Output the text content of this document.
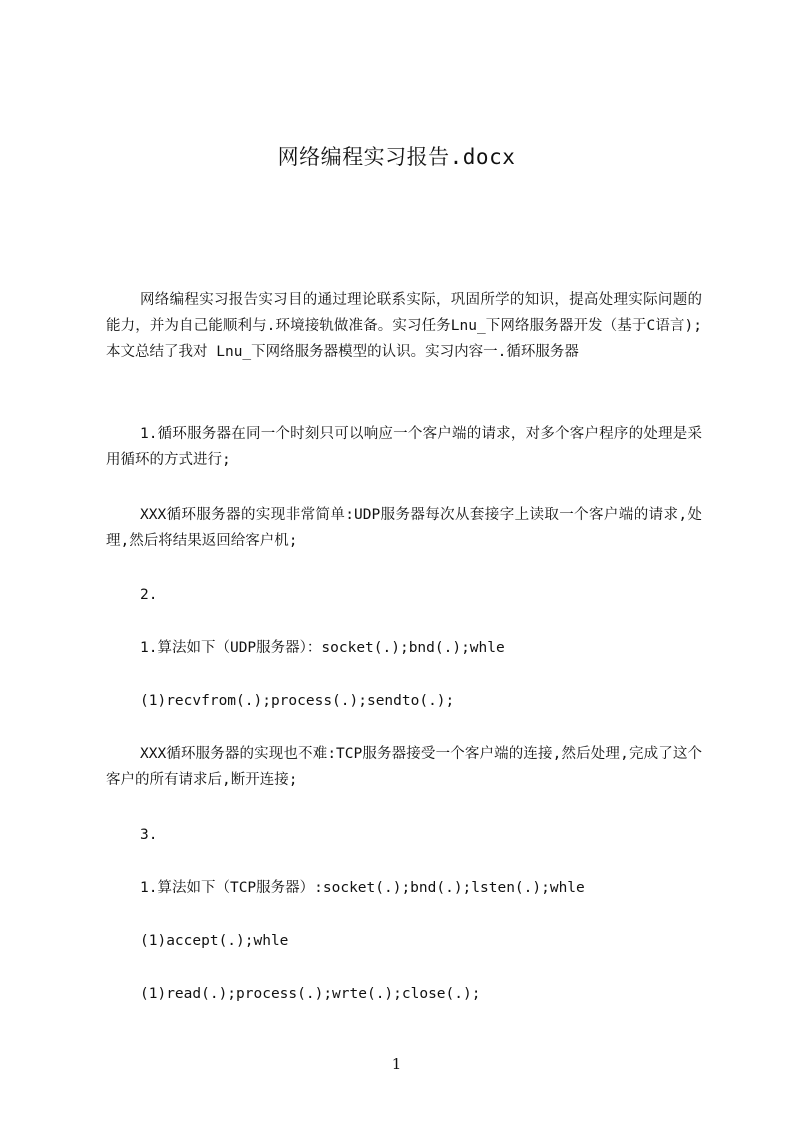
网络编程实习报告.docx

网络编程实习报告实习目的通过理论联系实际，巩固所学的知识，提高处理实际问题的能力，并为自己能顺利与.环境接轨做准备。实习任务Lnu_下网络服务器开发（基于C语言);本文总结了我对 Lnu_下网络服务器模型的认识。实习内容一.循环服务器

1.循环服务器在同一个时刻只可以响应一个客户端的请求，对多个客户程序的处理是采用循环的方式进行;

XXX循环服务器的实现非常简单:UDP服务器每次从套接字上读取一个客户端的请求,处理,然后将结果返回给客户机;

2.

1.算法如下（UDP服务器）：socket(.);bnd(.);whle

(1)recvfrom(.);process(.);sendto(.);

XXX循环服务器的实现也不难:TCP服务器接受一个客户端的连接,然后处理,完成了这个客户的所有请求后,断开连接;

3.

1.算法如下（TCP服务器）:socket(.);bnd(.);lsten(.);whle

(1)accept(.);whle

(1)read(.);process(.);wrte(.);close(.);

1
